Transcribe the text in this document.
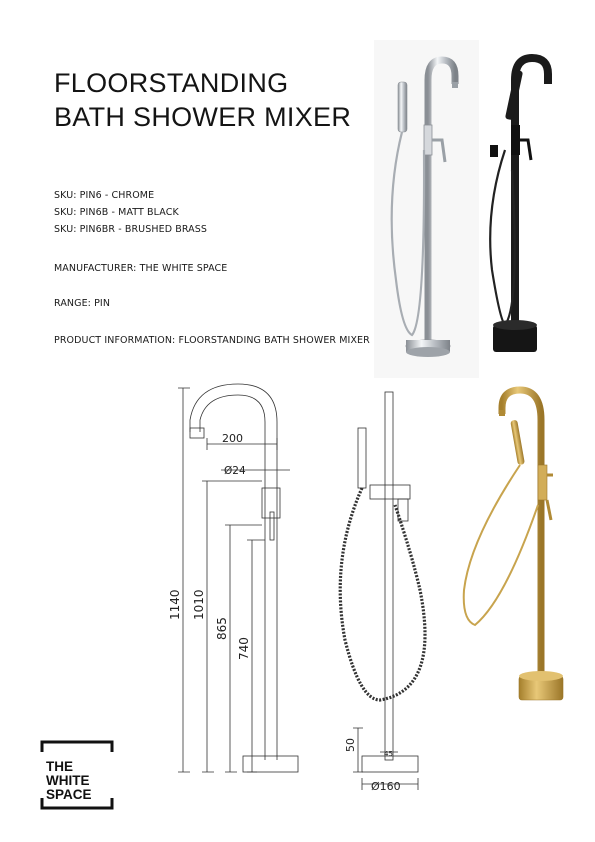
FLOORSTANDING
BATH SHOWER MIXER
SKU: PIN6 - CHROME
SKU: PIN6B - MATT BLACK
SKU: PIN6BR - BRUSHED BRASS
MANUFACTURER: THE WHITE SPACE
RANGE: PIN
PRODUCT INFORMATION: FLOORSTANDING BATH SHOWER MIXER
200
Ø24
1140 1010
865
740
50
45
Ø160
THE
WHITE
SPACE
